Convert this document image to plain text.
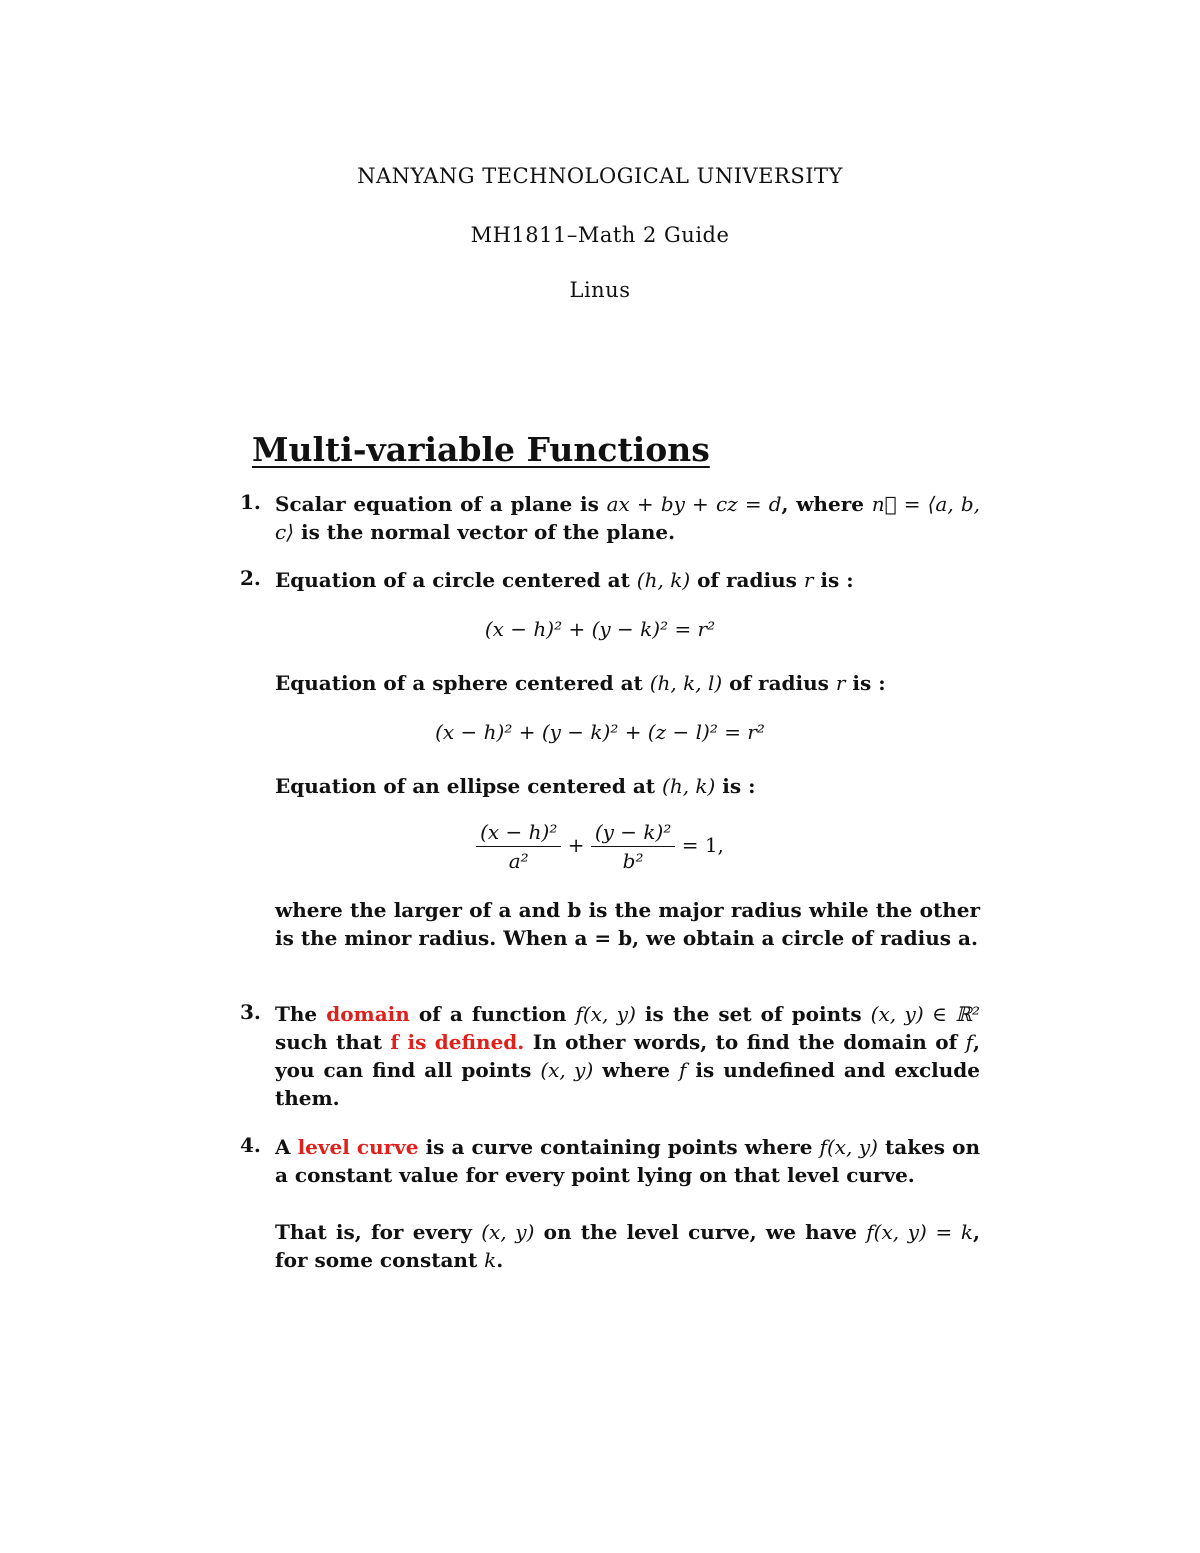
NANYANG TECHNOLOGICAL UNIVERSITY
MH1811–Math 2 Guide
Linus
Multi-variable Functions
1. Scalar equation of a plane is ax + by + cz = d, where n⃗ = ⟨a, b, c⟩ is the normal vector of the plane.
2. Equation of a circle centered at (h, k) of radius r is :
Equation of a sphere centered at (h, k, l) of radius r is :
Equation of an ellipse centered at (h, k) is :
where the larger of a and b is the major radius while the other is the minor radius. When a = b, we obtain a circle of radius a.
(x − h)² + (y − k)² = r²
(x − h)² + (y − k)² + (z − l)² = r²
$\frac{\text{(x − h)²}}{\text{a²}} + \frac{\text{(y − k)²}}{\text{b²}} = 1$,
3. The domain of a function f(x, y) is the set of points (x, y) ∈ ℝ² such that f is defined. In other words, to find the domain of f, you can find all points (x, y) where f is undefined and exclude them.
4. A level curve is a curve containing points where f(x, y) takes on a constant value for every point lying on that level curve.
That is, for every (x, y) on the level curve, we have f(x, y) = k, for some constant k.
